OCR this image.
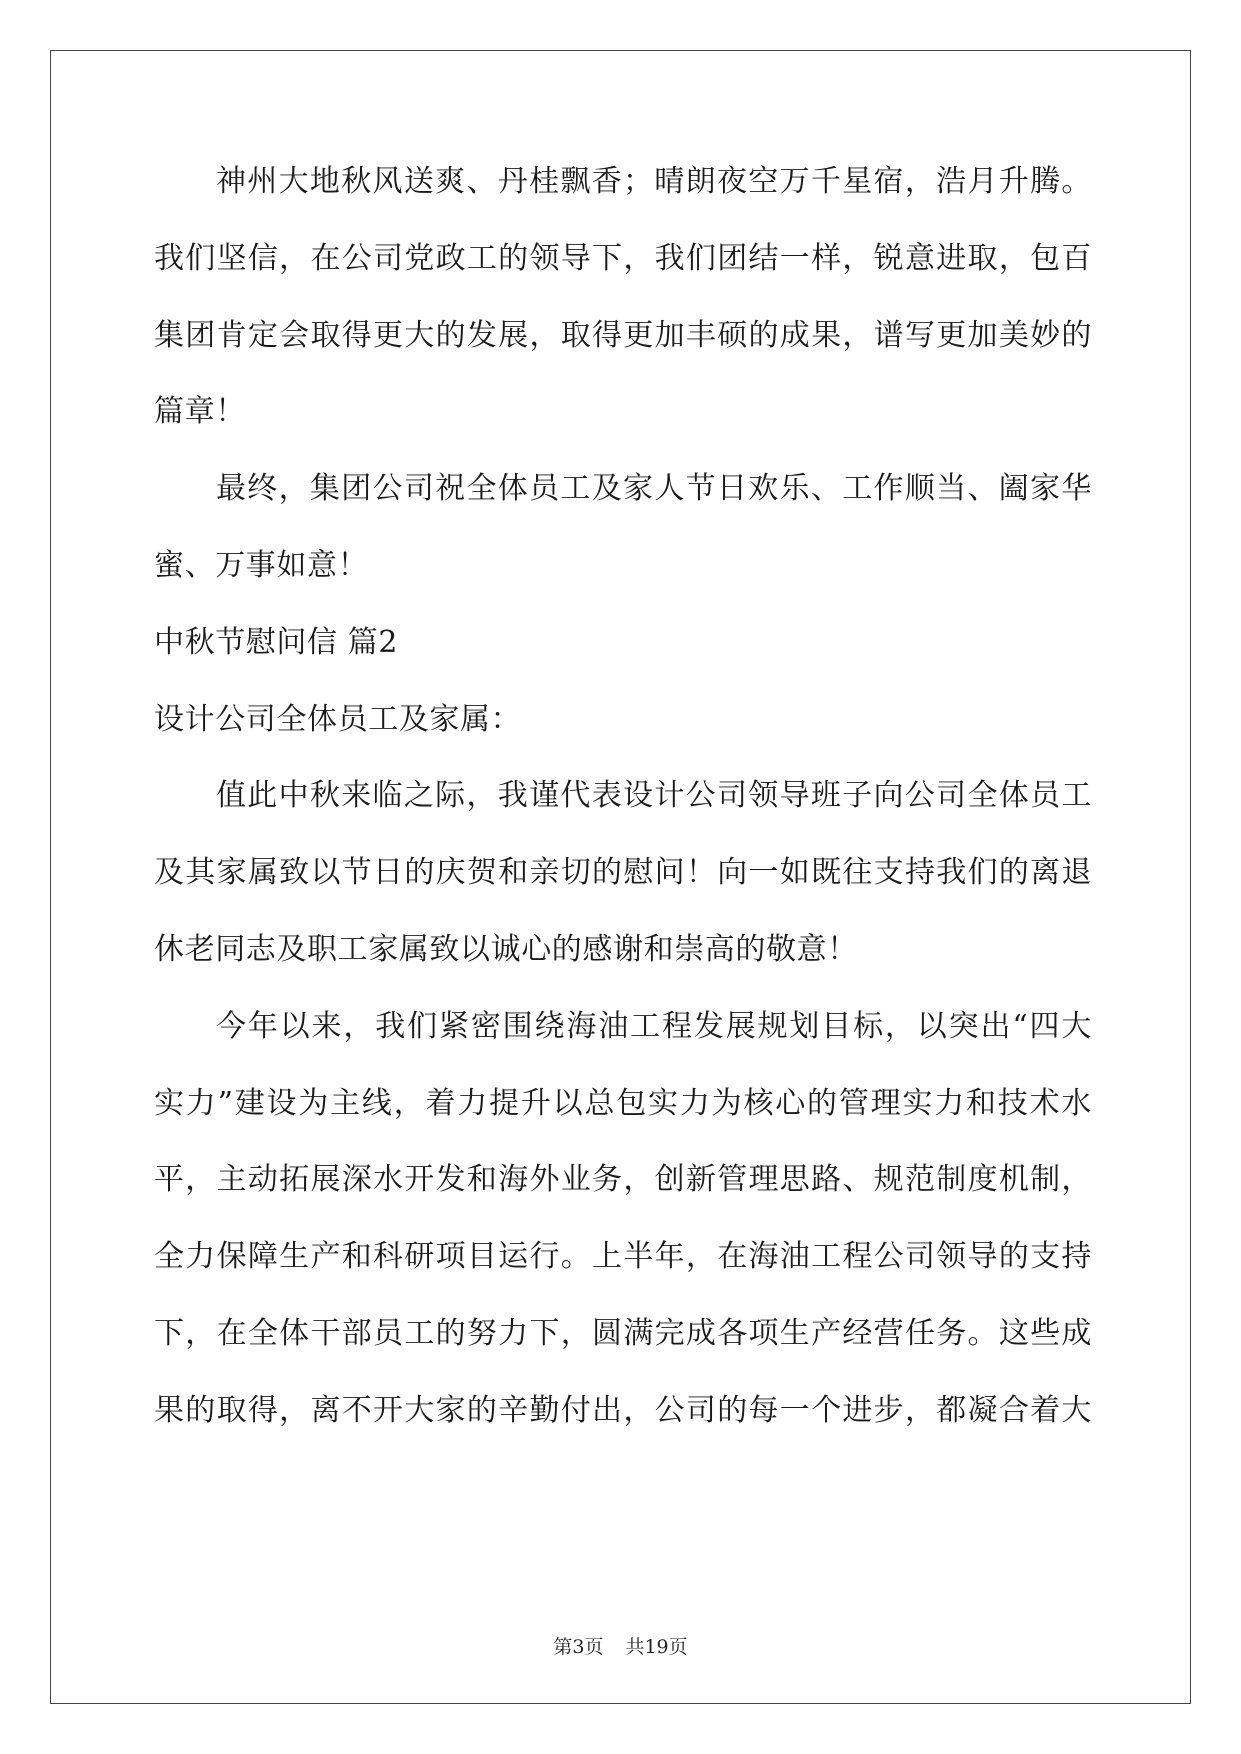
神州大地秋风送爽、丹桂飘香；晴朗夜空万千星宿，浩月升腾。
我们坚信，在公司党政工的领导下，我们团结一样，锐意进取，包百
集团肯定会取得更大的发展，取得更加丰硕的成果，谱写更加美妙的
篇章！
最终，集团公司祝全体员工及家人节日欢乐、工作顺当、阖家华
蜜、万事如意！
中秋节慰问信 篇2
设计公司全体员工及家属：
值此中秋来临之际，我谨代表设计公司领导班子向公司全体员工
及其家属致以节日的庆贺和亲切的慰问！向一如既往支持我们的离退
休老同志及职工家属致以诚心的感谢和崇高的敬意！
今年以来，我们紧密围绕海油工程发展规划目标，以突出“四大
实力”建设为主线，着力提升以总包实力为核心的管理实力和技术水
平，主动拓展深水开发和海外业务，创新管理思路、规范制度机制，
全力保障生产和科研项目运行。上半年，在海油工程公司领导的支持
下，在全体干部员工的努力下，圆满完成各项生产经营任务。这些成
果的取得，离不开大家的辛勤付出，公司的每一个进步，都凝合着大
第3页 共19页
